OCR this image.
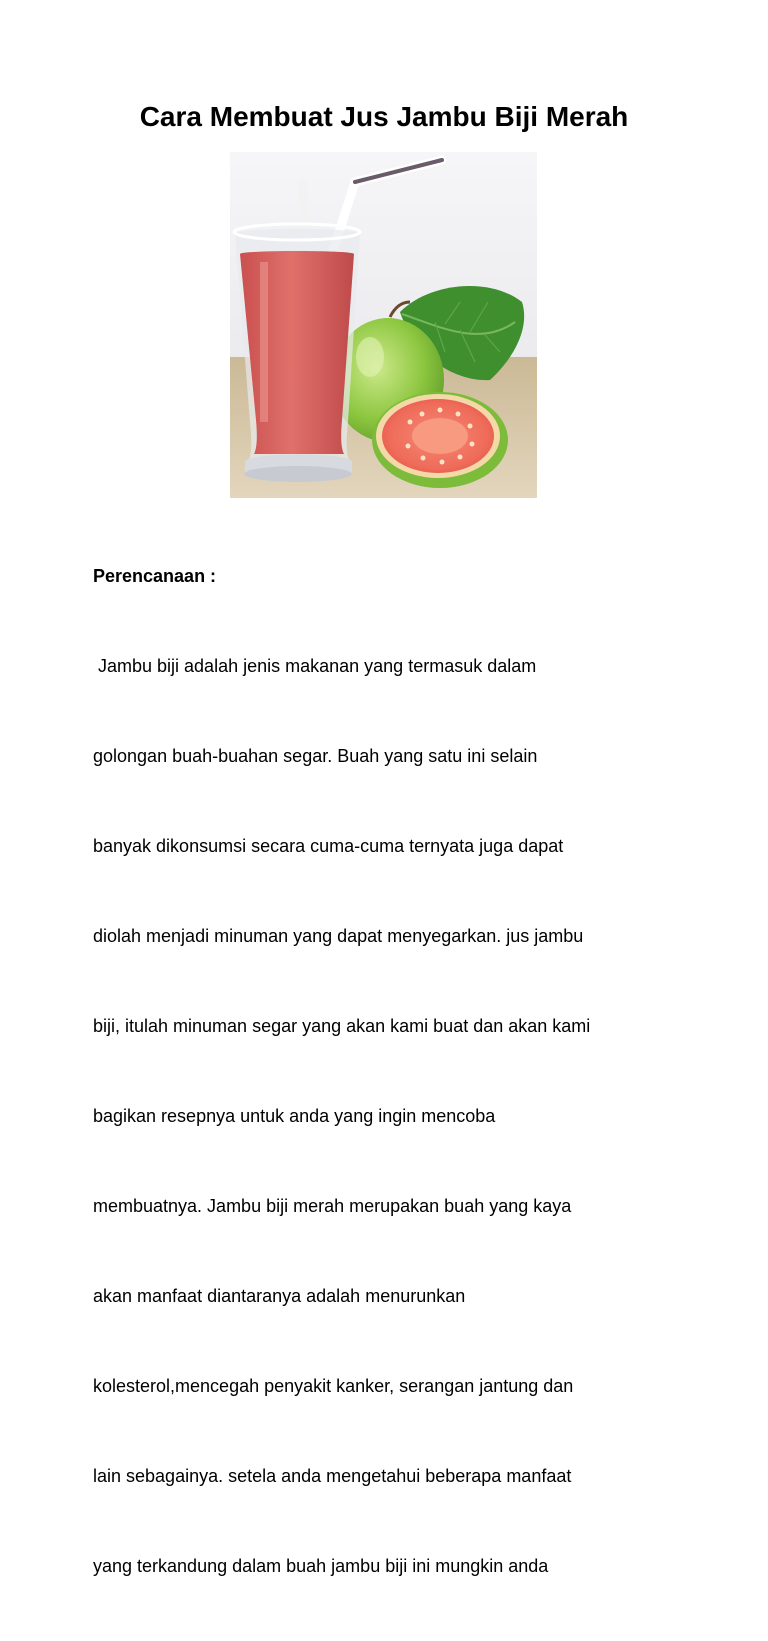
Cara Membuat Jus Jambu Biji Merah

Perencanaan :

Jambu biji adalah jenis makanan yang termasuk dalam

golongan buah-buahan segar. Buah yang satu ini selain

banyak dikonsumsi secara cuma-cuma ternyata juga dapat

diolah menjadi minuman yang dapat menyegarkan. jus jambu

biji, itulah minuman segar yang akan kami buat dan akan kami

bagikan resepnya untuk anda yang ingin mencoba

membuatnya. Jambu biji merah merupakan buah yang kaya

akan manfaat diantaranya adalah menurunkan

kolesterol,mencegah penyakit kanker, serangan jantung dan

lain sebagainya. setela anda mengetahui beberapa manfaat

yang terkandung dalam buah jambu biji ini mungkin anda
